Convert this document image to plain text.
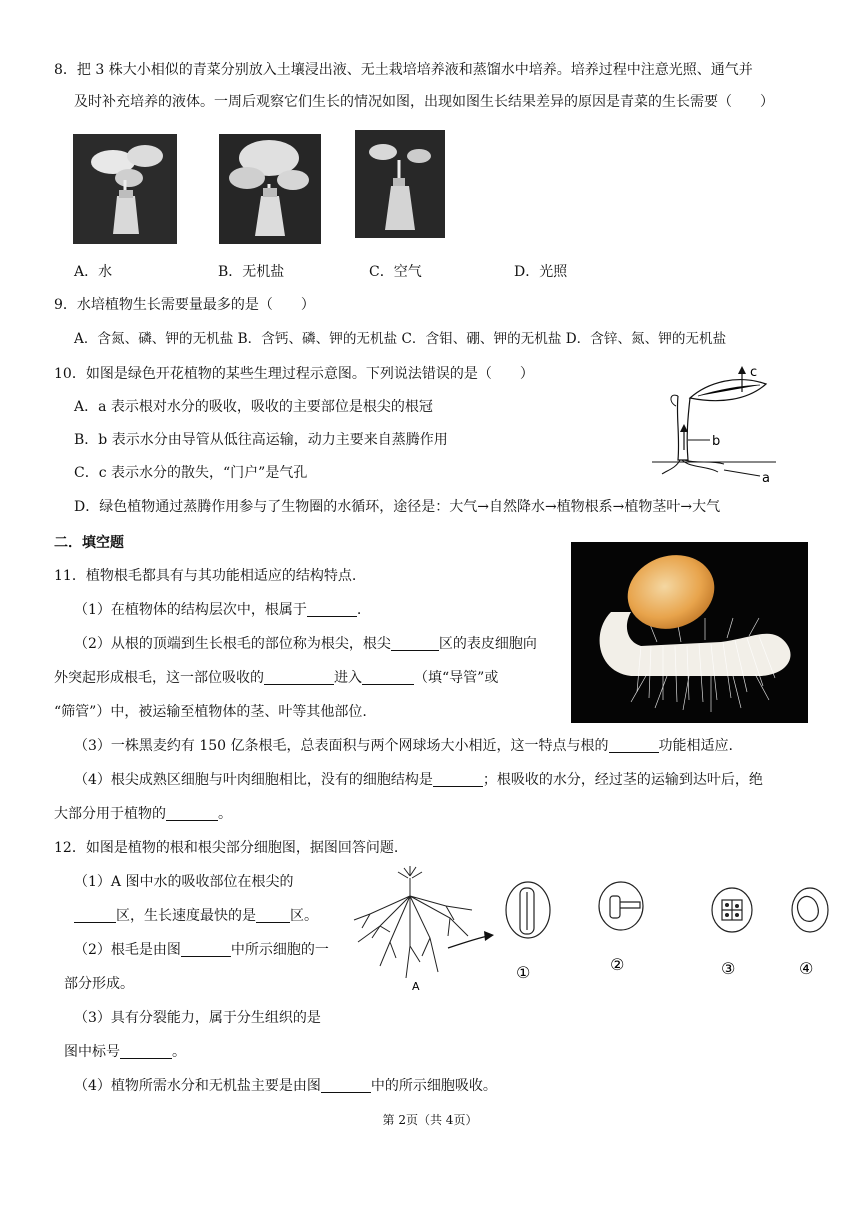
8．把 3 株大小相似的青菜分别放入土壤浸出液、无土栽培培养液和蒸馏水中培养。培养过程中注意光照、通气并
及时补充培养的液体。一周后观察它们生长的情况如图，出现如图生长结果差异的原因是青菜的生长需要（　　）
A．水	B．无机盐	C．空气	D．光照
9．水培植物生长需要量最多的是（　　）
A．含氮、磷、钾的无机盐 B．含钙、磷、钾的无机盐 C．含钼、硼、钾的无机盐 D．含锌、氮、钾的无机盐
10．如图是绿色开花植物的某些生理过程示意图。下列说法错误的是（　　）
A．a 表示根对水分的吸收，吸收的主要部位是根尖的根冠
B．b 表示水分由导管从低往高运输，动力主要来自蒸腾作用
C．c 表示水分的散失，“门户”是气孔
D．绿色植物通过蒸腾作用参与了生物圈的水循环，途径是：大气→自然降水→植物根系→植物茎叶→大气
c
b
a
二．填空题
11．植物根毛都具有与其功能相适应的结构特点.
（1）在植物体的结构层次中，根属于	.
（2）从根的顶端到生长根毛的部位称为根尖，根尖	区的表皮细胞向
外突起形成根毛，这一部位吸收的	进入	（填“导管”或
“筛管”）中，被运输至植物体的茎、叶等其他部位.
（3）一株黑麦约有 150 亿条根毛，总表面积与两个网球场大小相近，这一特点与根的	功能相适应.
（4）根尖成熟区细胞与叶肉细胞相比，没有的细胞结构是	；根吸收的水分，经过茎的运输到达叶后，绝
大部分用于植物的	。
12．如图是植物的根和根尖部分细胞图，据图回答问题.
（1）A 图中水的吸收部位在根尖的
区，生长速度最快的是 区。
（2）根毛是由图	中所示细胞的一
部分形成。
（3）具有分裂能力，属于分生组织的是
图中标号	。
（4）植物所需水分和无机盐主要是由图	中的所示细胞吸收。
A
①	②	③	④
第 2页（共 4页）
